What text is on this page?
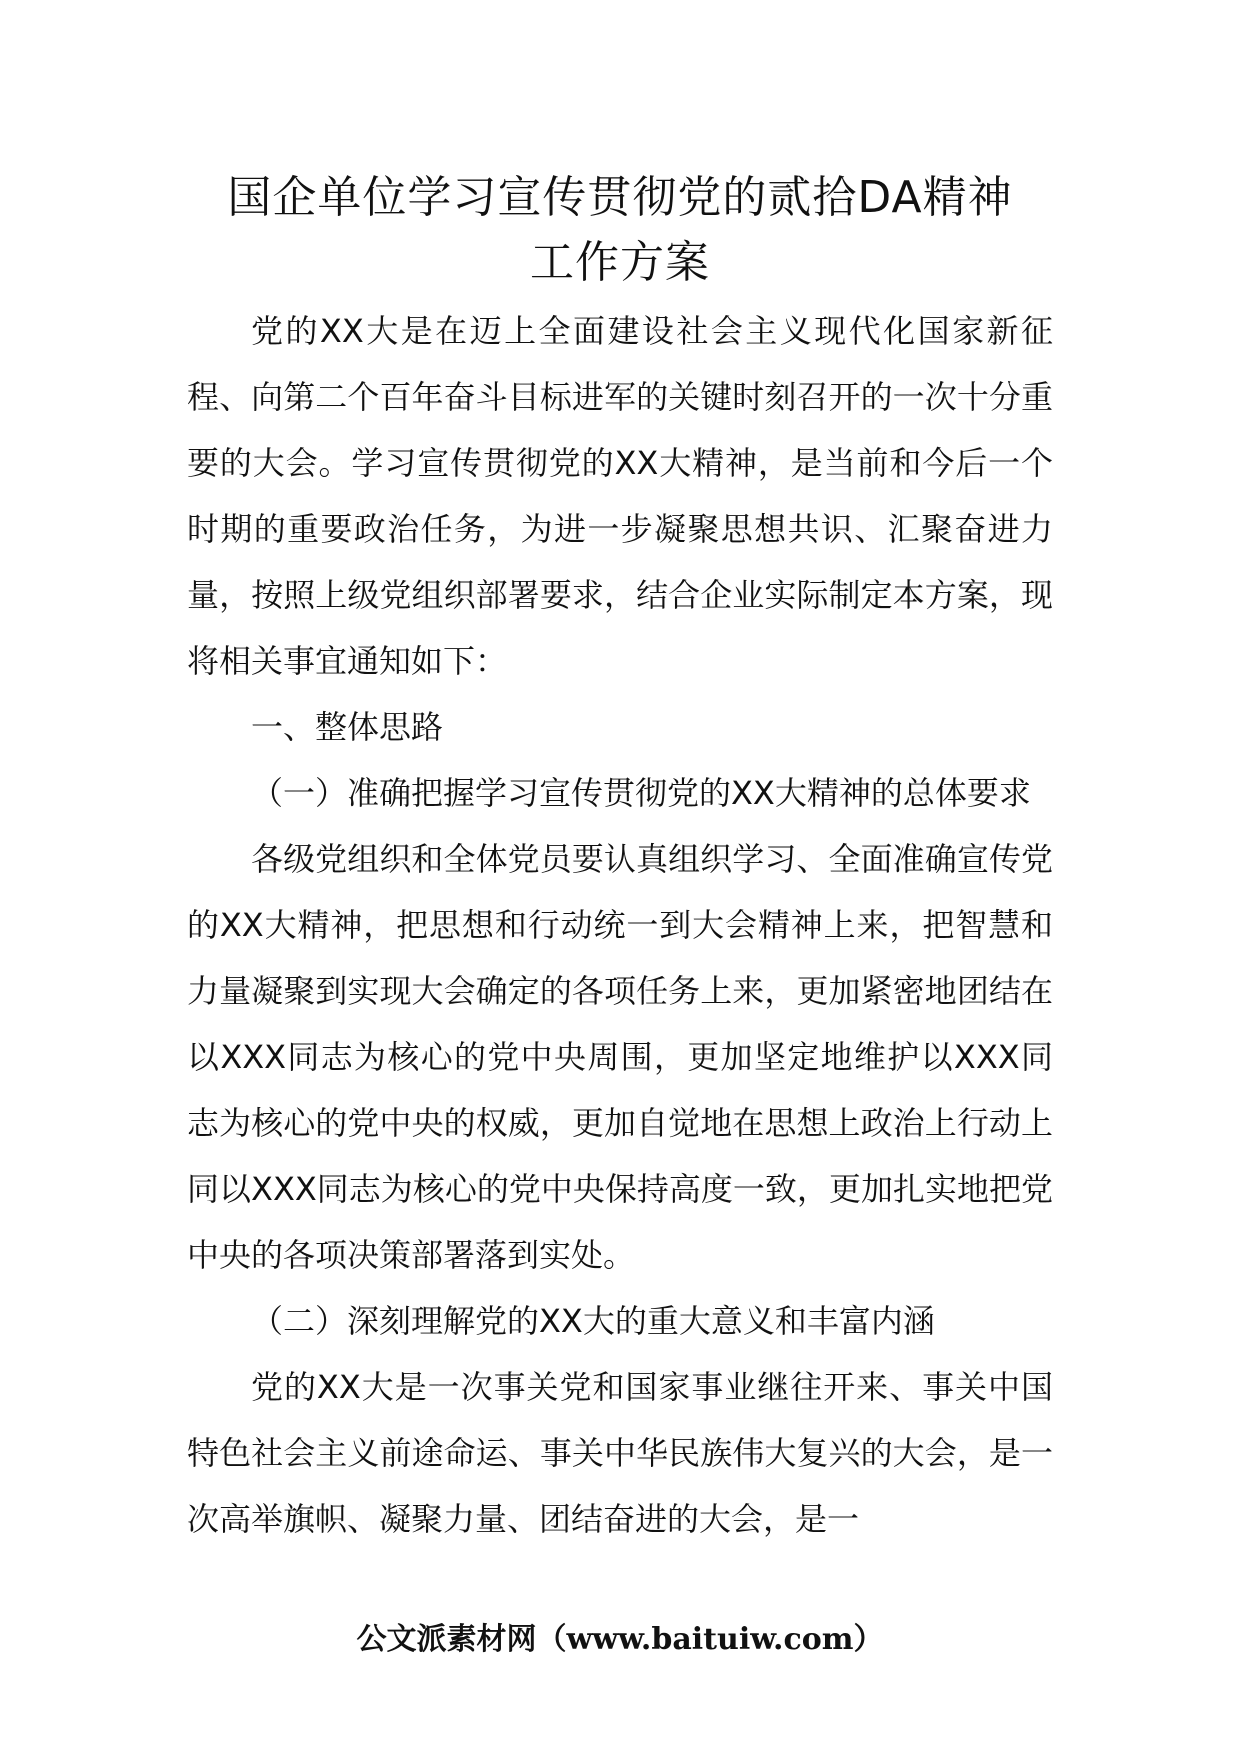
国企单位学习宣传贯彻党的贰拾DA精神
工作方案

党的XX大是在迈上全面建设社会主义现代化国家新征程、向第二个百年奋斗目标进军的关键时刻召开的一次十分重要的大会。学习宣传贯彻党的XX大精神，是当前和今后一个时期的重要政治任务，为进一步凝聚思想共识、汇聚奋进力量，按照上级党组织部署要求，结合企业实际制定本方案，现将相关事宜通知如下：

一、整体思路

（一）准确把握学习宣传贯彻党的XX大精神的总体要求

各级党组织和全体党员要认真组织学习、全面准确宣传党的XX大精神，把思想和行动统一到大会精神上来，把智慧和力量凝聚到实现大会确定的各项任务上来，更加紧密地团结在以XXX同志为核心的党中央周围，更加坚定地维护以XXX同志为核心的党中央的权威，更加自觉地在思想上政治上行动上同以XXX同志为核心的党中央保持高度一致，更加扎实地把党中央的各项决策部署落到实处。

（二）深刻理解党的XX大的重大意义和丰富内涵

党的XX大是一次事关党和国家事业继往开来、事关中国特色社会主义前途命运、事关中华民族伟大复兴的大会，是一次高举旗帜、凝聚力量、团结奋进的大会，是一

公文派素材网（www.baituiw.com）
